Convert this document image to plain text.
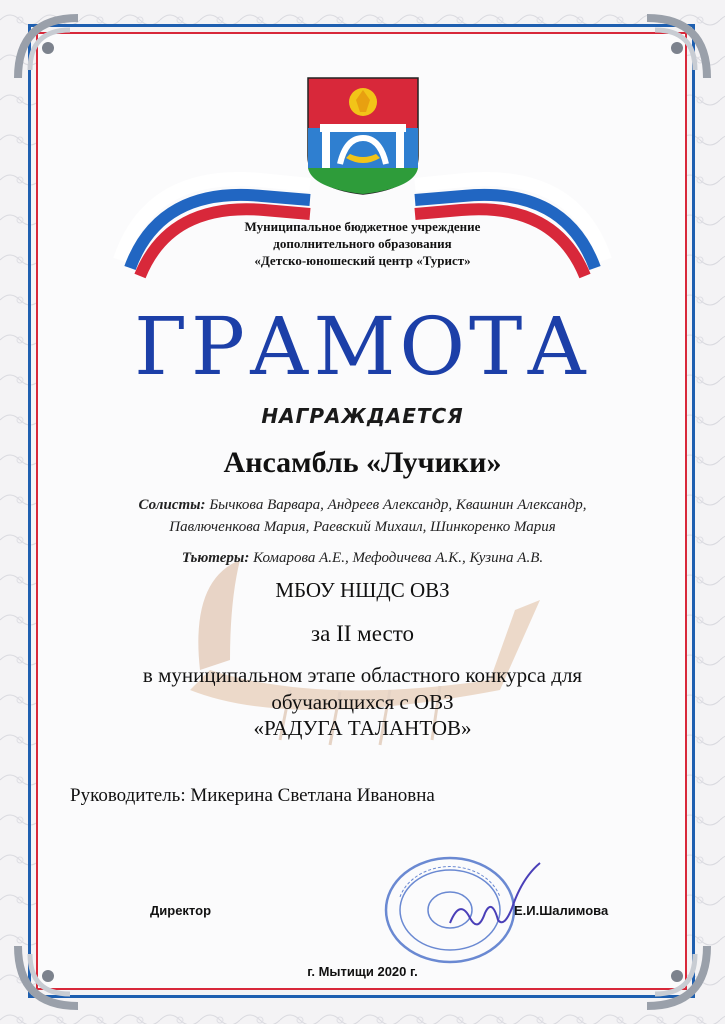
Муниципальное бюджетное учреждение
дополнительного образования
«Детско-юношеский центр «Турист»
ГРАМОТА
НАГРАЖДАЕТСЯ
Ансамбль «Лучики»
Солисты: Бычкова Варвара, Андреев Александр, Квашнин Александр,
Павлюченкова Мария, Раевский Михаил, Шинкоренко Мария
Тьютеры: Комарова А.Е., Мефодичева А.К., Кузина А.В.
МБОУ НШДС ОВЗ
за II место
в муниципальном этапе областного конкурса для
обучающихся с ОВЗ
«РАДУГА ТАЛАНТОВ»
Руководитель: Микерина Светлана Ивановна
Директор	Е.И.Шалимова
г. Мытищи 2020 г.
